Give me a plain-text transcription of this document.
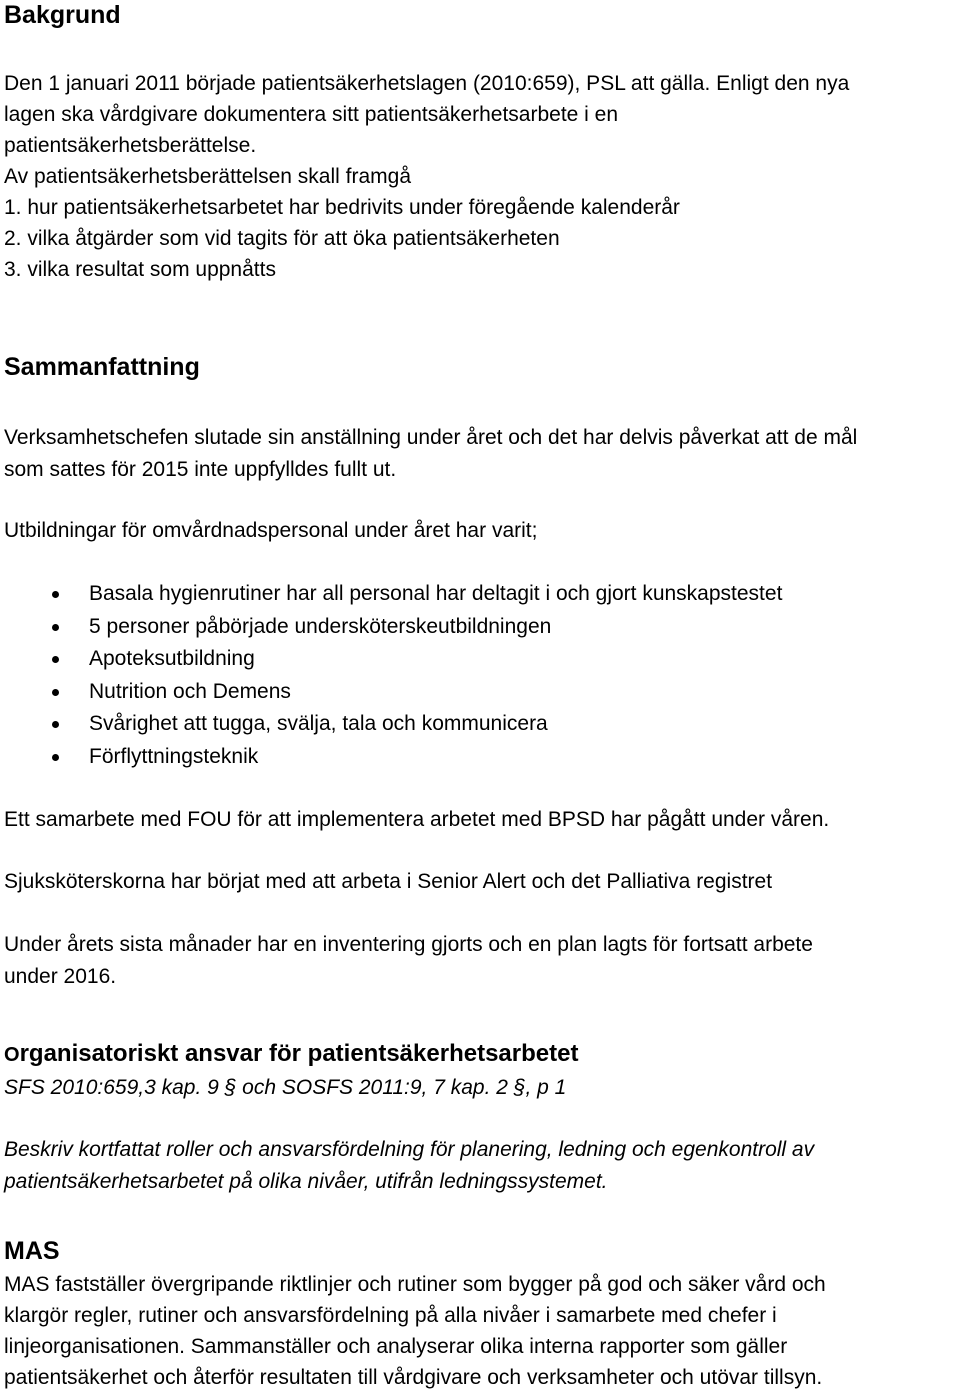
Bakgrund
Den 1 januari 2011 började patientsäkerhetslagen (2010:659), PSL att gälla. Enligt den nya
lagen ska vårdgivare dokumentera sitt patientsäkerhetsarbete i en
patientsäkerhetsberättelse.
Av patientsäkerhetsberättelsen skall framgå
1. hur patientsäkerhetsarbetet har bedrivits under föregående kalenderår
2. vilka åtgärder som vid tagits för att öka patientsäkerheten
3. vilka resultat som uppnåtts
Sammanfattning
Verksamhetschefen slutade sin anställning under året och det har delvis påverkat att de mål
som sattes för 2015 inte uppfylldes fullt ut.

Utbildningar för omvårdnadspersonal under året har varit;

Basala hygienrutiner har all personal har deltagit i och gjort kunskapstestet
5 personer påbörjade undersköterskeutbildningen
Apoteksutbildning
Nutrition och Demens
Svårighet att tugga, svälja, tala och kommunicera
Förflyttningsteknik

Ett samarbete med FOU för att implementera arbetet med BPSD har pågått under våren.

Sjuksköterskorna har börjat med att arbeta i Senior Alert och det Palliativa registret

Under årets sista månader har en inventering gjorts och en plan lagts för fortsatt arbete
under 2016.
Organisatoriskt ansvar för patientsäkerhetsarbetet

SFS 2010:659,3 kap. 9 § och SOSFS 2011:9, 7 kap. 2 §, p 1

Beskriv kortfattat roller och ansvarsfördelning för planering, ledning och egenkontroll av
patientsäkerhetsarbetet på olika nivåer, utifrån ledningssystemet.
MAS
MAS fastställer övergripande riktlinjer och rutiner som bygger på god och säker vård och
klargör regler, rutiner och ansvarsfördelning på alla nivåer i samarbete med chefer i
linjeorganisationen. Sammanställer och analyserar olika interna rapporter som gäller
patientsäkerhet och återför resultaten till vårdgivare och verksamheter och utövar tillsyn.
